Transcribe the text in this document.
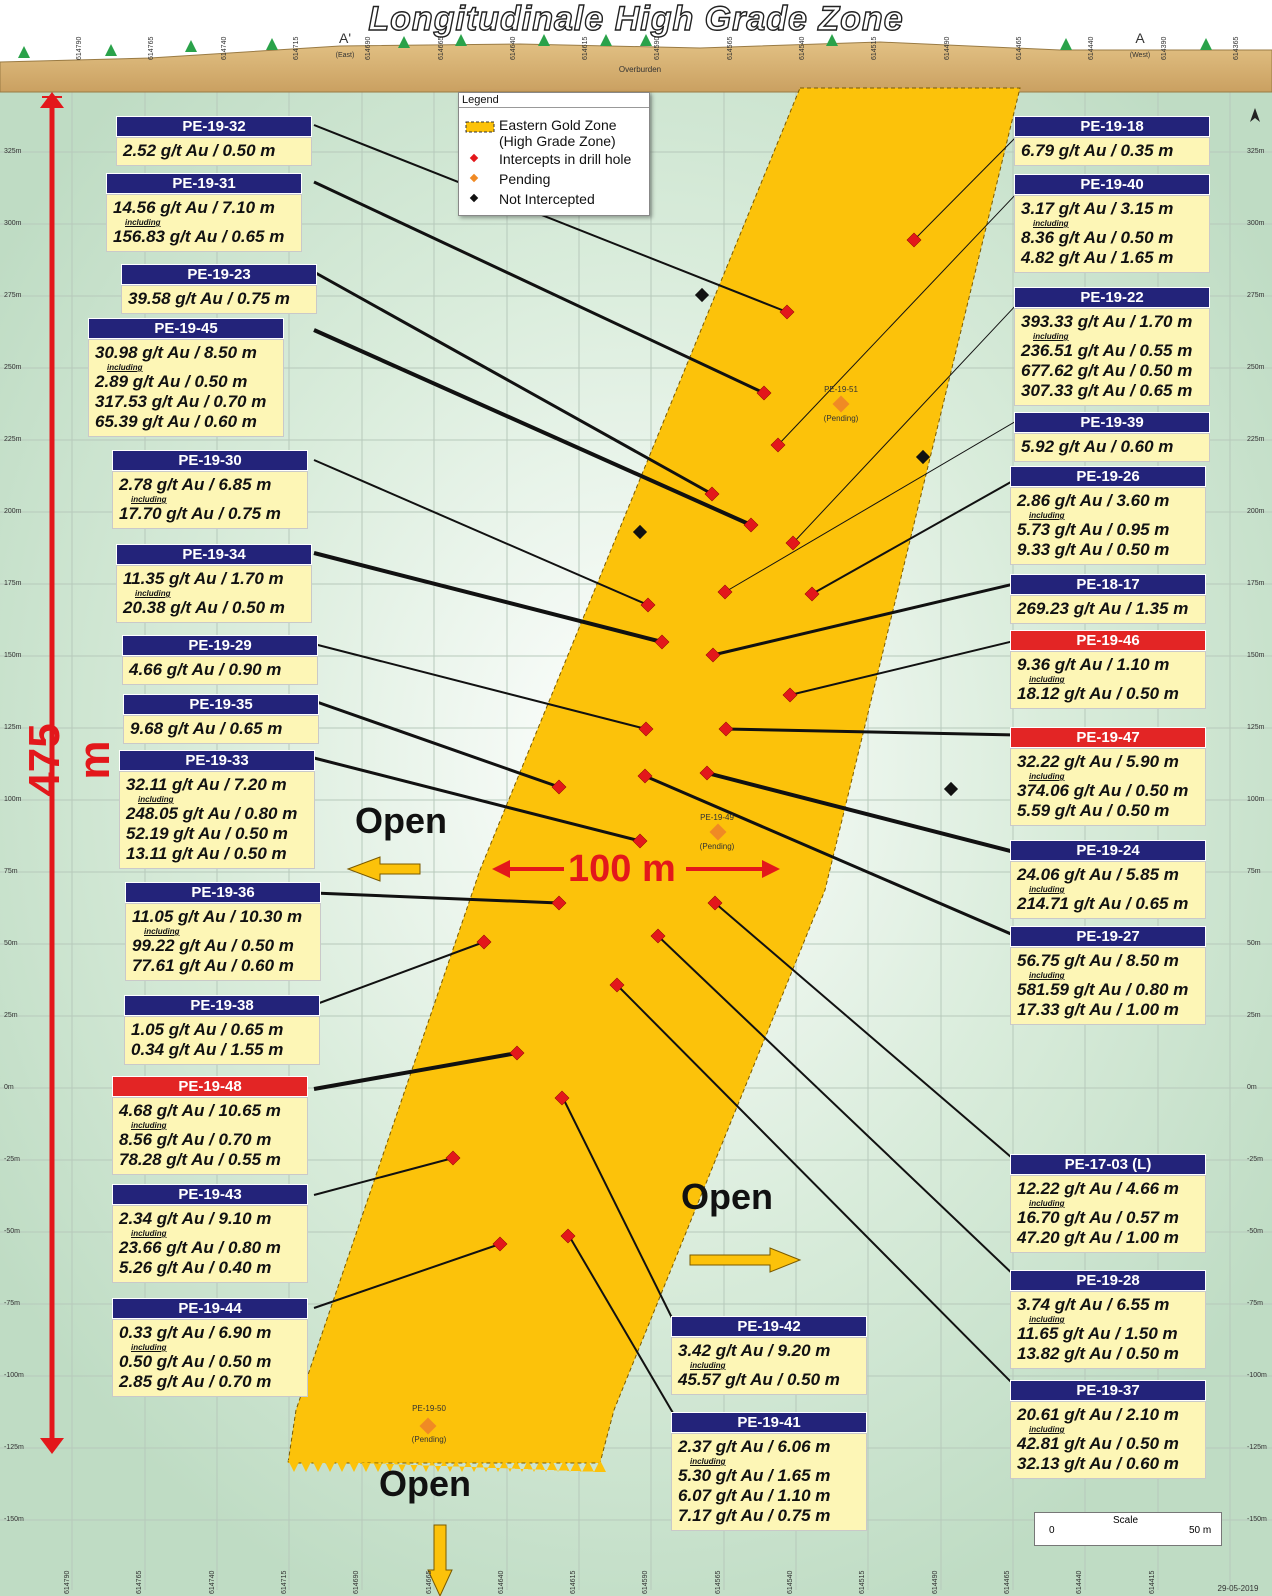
Longitudinale High Grade Zone
Overburden
A'
(East)
A
(West)
614790	614765	614740	614715	614690	614665	614640	614615	614590	614565	614540	614515	614490	614465	614440	614390	614365
614790	614765	614740	614715	614690	614665	614640	614615	614590	614565	614540	614515	614490	614465	614440	614415
325m
300m
275m
250m
225m
200m
175m
150m
125m
100m
75m
50m
25m
0m
-25m
-50m
-75m
-100m
-125m
-150m
325m
300m
275m
250m
225m
200m
175m
150m
125m
100m
75m
50m
25m
0m
-25m
-50m
-75m
-100m
-125m
-150m
Legend
Eastern Gold Zone
(High Grade Zone)
Intercepts in drill hole
Pending
Not Intercepted
475 m
100 m
Open
Open
Open
PE-19-51
(Pending)
PE-19-49
(Pending)
PE-19-50
(Pending)
PE-19-32
2.52 g/t Au / 0.50 m
PE-19-31
14.56 g/t Au / 7.10 m
including
156.83 g/t Au / 0.65 m
PE-19-23
39.58 g/t Au / 0.75 m
PE-19-45
30.98 g/t Au / 8.50 m
including
2.89 g/t Au / 0.50 m
317.53 g/t Au / 0.70 m
65.39 g/t Au / 0.60 m
PE-19-30
2.78 g/t Au / 6.85 m
including
17.70 g/t Au / 0.75 m
PE-19-34
11.35 g/t Au / 1.70 m
including
20.38 g/t Au / 0.50 m
PE-19-29
4.66 g/t Au / 0.90 m
PE-19-35
9.68 g/t Au / 0.65 m
PE-19-33
32.11 g/t Au / 7.20 m
including
248.05 g/t Au / 0.80 m
52.19 g/t Au / 0.50 m
13.11 g/t Au / 0.50 m
PE-19-36
11.05 g/t Au / 10.30 m
including
99.22 g/t Au / 0.50 m
77.61 g/t Au / 0.60 m
PE-19-38
1.05 g/t Au / 0.65 m
0.34 g/t Au / 1.55 m
PE-19-48
4.68 g/t Au / 10.65 m
including
8.56 g/t Au / 0.70 m
78.28 g/t Au / 0.55 m
PE-19-43
2.34 g/t Au / 9.10 m
including
23.66 g/t Au / 0.80 m
5.26 g/t Au / 0.40 m
PE-19-44
0.33 g/t Au / 6.90 m
including
0.50 g/t Au / 0.50 m
2.85 g/t Au / 0.70 m
PE-19-18
6.79 g/t Au / 0.35 m
PE-19-40
3.17 g/t Au / 3.15 m
including
8.36 g/t Au / 0.50 m
4.82 g/t Au / 1.65 m
PE-19-22
393.33 g/t Au / 1.70 m
including
236.51 g/t Au / 0.55 m
677.62 g/t Au / 0.50 m
307.33 g/t Au / 0.65 m
PE-19-39
5.92 g/t Au / 0.60 m
PE-19-26
2.86 g/t Au / 3.60 m
including
5.73 g/t Au / 0.95 m
9.33 g/t Au / 0.50 m
PE-18-17
269.23 g/t Au / 1.35 m
PE-19-46
9.36 g/t Au / 1.10 m
including
18.12 g/t Au / 0.50 m
PE-19-47
32.22 g/t Au / 5.90 m
including
374.06 g/t Au / 0.50 m
5.59 g/t Au / 0.50 m
PE-19-24
24.06 g/t Au / 5.85 m
including
214.71 g/t Au / 0.65 m
PE-19-27
56.75 g/t Au / 8.50 m
including
581.59 g/t Au / 0.80 m
17.33 g/t Au / 1.00 m
PE-17-03 (L)
12.22 g/t Au / 4.66 m
including
16.70 g/t Au / 0.57 m
47.20 g/t Au / 1.00 m
PE-19-28
3.74 g/t Au / 6.55 m
including
11.65 g/t Au / 1.50 m
13.82 g/t Au / 0.50 m
PE-19-37
20.61 g/t Au / 2.10 m
including
42.81 g/t Au / 0.50 m
32.13 g/t Au / 0.60 m
PE-19-42
3.42 g/t Au / 9.20 m
including
45.57 g/t Au / 0.50 m
PE-19-41
2.37 g/t Au / 6.06 m
including
5.30 g/t Au / 1.65 m
6.07 g/t Au / 1.10 m
7.17 g/t Au / 0.75 m	Scale
0	50 m
29-05-2019
